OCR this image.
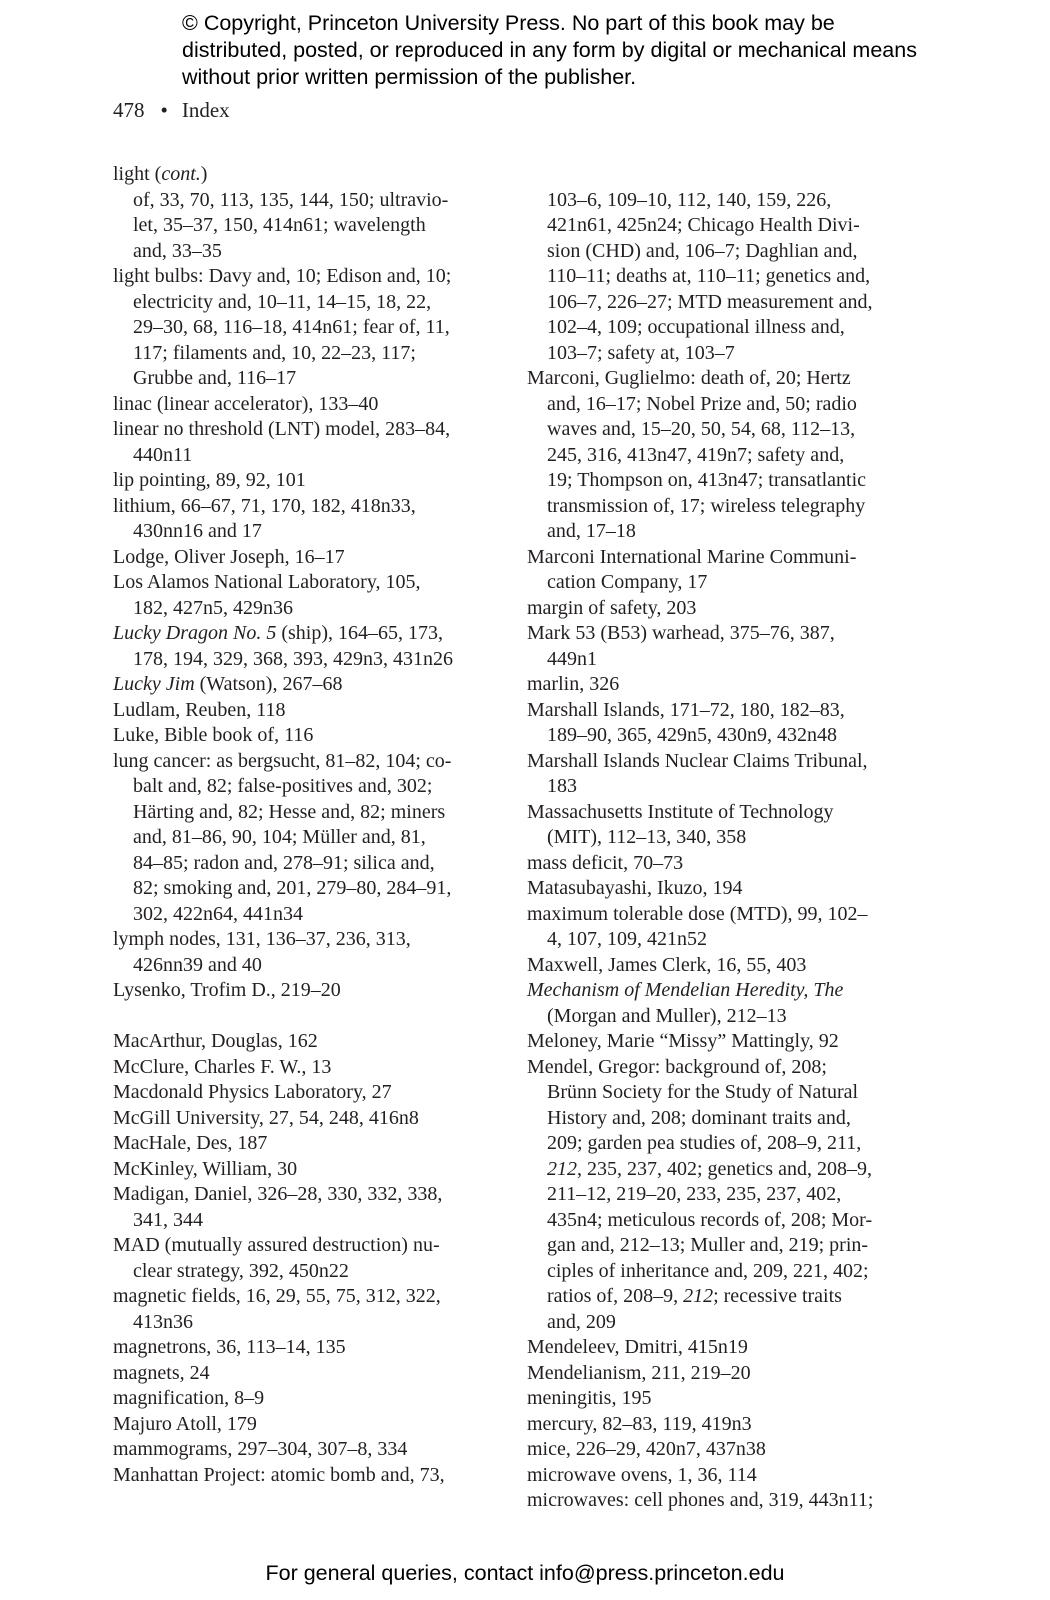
© Copyright, Princeton University Press. No part of this book may be distributed, posted, or reproduced in any form by digital or mechanical means without prior written permission of the publisher.
478 • Index
light (cont.)
of, 33, 70, 113, 135, 144, 150; ultravio-
let, 35–37, 150, 414n61; wavelength
and, 33–35
light bulbs: Davy and, 10; Edison and, 10;
electricity and, 10–11, 14–15, 18, 22,
29–30, 68, 116–18, 414n61; fear of, 11,
117; filaments and, 10, 22–23, 117;
Grubbe and, 116–17
linac (linear accelerator), 133–40
linear no threshold (LNT) model, 283–84,
440n11
lip pointing, 89, 92, 101
lithium, 66–67, 71, 170, 182, 418n33,
430nn16 and 17
Lodge, Oliver Joseph, 16–17
Los Alamos National Laboratory, 105,
182, 427n5, 429n36
Lucky Dragon No. 5 (ship), 164–65, 173,
178, 194, 329, 368, 393, 429n3, 431n26
Lucky Jim (Watson), 267–68
Ludlam, Reuben, 118
Luke, Bible book of, 116
lung cancer: as bergsucht, 81–82, 104; co-
balt and, 82; false-positives and, 302;
Härting and, 82; Hesse and, 82; miners
and, 81–86, 90, 104; Müller and, 81,
84–85; radon and, 278–91; silica and,
82; smoking and, 201, 279–80, 284–91,
302, 422n64, 441n34
lymph nodes, 131, 136–37, 236, 313,
426nn39 and 40
Lysenko, Trofim D., 219–20
MacArthur, Douglas, 162
McClure, Charles F. W., 13
Macdonald Physics Laboratory, 27
McGill University, 27, 54, 248, 416n8
MacHale, Des, 187
McKinley, William, 30
Madigan, Daniel, 326–28, 330, 332, 338,
341, 344
MAD (mutually assured destruction) nu-
clear strategy, 392, 450n22
magnetic fields, 16, 29, 55, 75, 312, 322,
413n36
magnetrons, 36, 113–14, 135
magnets, 24
magnification, 8–9
Majuro Atoll, 179
mammograms, 297–304, 307–8, 334
Manhattan Project: atomic bomb and, 73,

103–6, 109–10, 112, 140, 159, 226,
421n61, 425n24; Chicago Health Divi-
sion (CHD) and, 106–7; Daghlian and,
110–11; deaths at, 110–11; genetics and,
106–7, 226–27; MTD measurement and,
102–4, 109; occupational illness and,
103–7; safety at, 103–7
Marconi, Guglielmo: death of, 20; Hertz
and, 16–17; Nobel Prize and, 50; radio
waves and, 15–20, 50, 54, 68, 112–13,
245, 316, 413n47, 419n7; safety and,
19; Thompson on, 413n47; transatlantic
transmission of, 17; wireless telegraphy
and, 17–18
Marconi International Marine Communi-
cation Company, 17
margin of safety, 203
Mark 53 (B53) warhead, 375–76, 387,
449n1
marlin, 326
Marshall Islands, 171–72, 180, 182–83,
189–90, 365, 429n5, 430n9, 432n48
Marshall Islands Nuclear Claims Tribunal,
183
Massachusetts Institute of Technology
(MIT), 112–13, 340, 358
mass deficit, 70–73
Matasubayashi, Ikuzo, 194
maximum tolerable dose (MTD), 99, 102–
4, 107, 109, 421n52
Maxwell, James Clerk, 16, 55, 403
Mechanism of Mendelian Heredity, The
(Morgan and Muller), 212–13
Meloney, Marie “Missy” Mattingly, 92
Mendel, Gregor: background of, 208;
Brünn Society for the Study of Natural
History and, 208; dominant traits and,
209; garden pea studies of, 208–9, 211,
212, 235, 237, 402; genetics and, 208–9,
211–12, 219–20, 233, 235, 237, 402,
435n4; meticulous records of, 208; Mor-
gan and, 212–13; Muller and, 219; prin-
ciples of inheritance and, 209, 221, 402;
ratios of, 208–9, 212; recessive traits
and, 209
Mendeleev, Dmitri, 415n19
Mendelianism, 211, 219–20
meningitis, 195
mercury, 82–83, 119, 419n3
mice, 226–29, 420n7, 437n38
microwave ovens, 1, 36, 114
microwaves: cell phones and, 319, 443n11;
For general queries, contact info@press.princeton.edu
